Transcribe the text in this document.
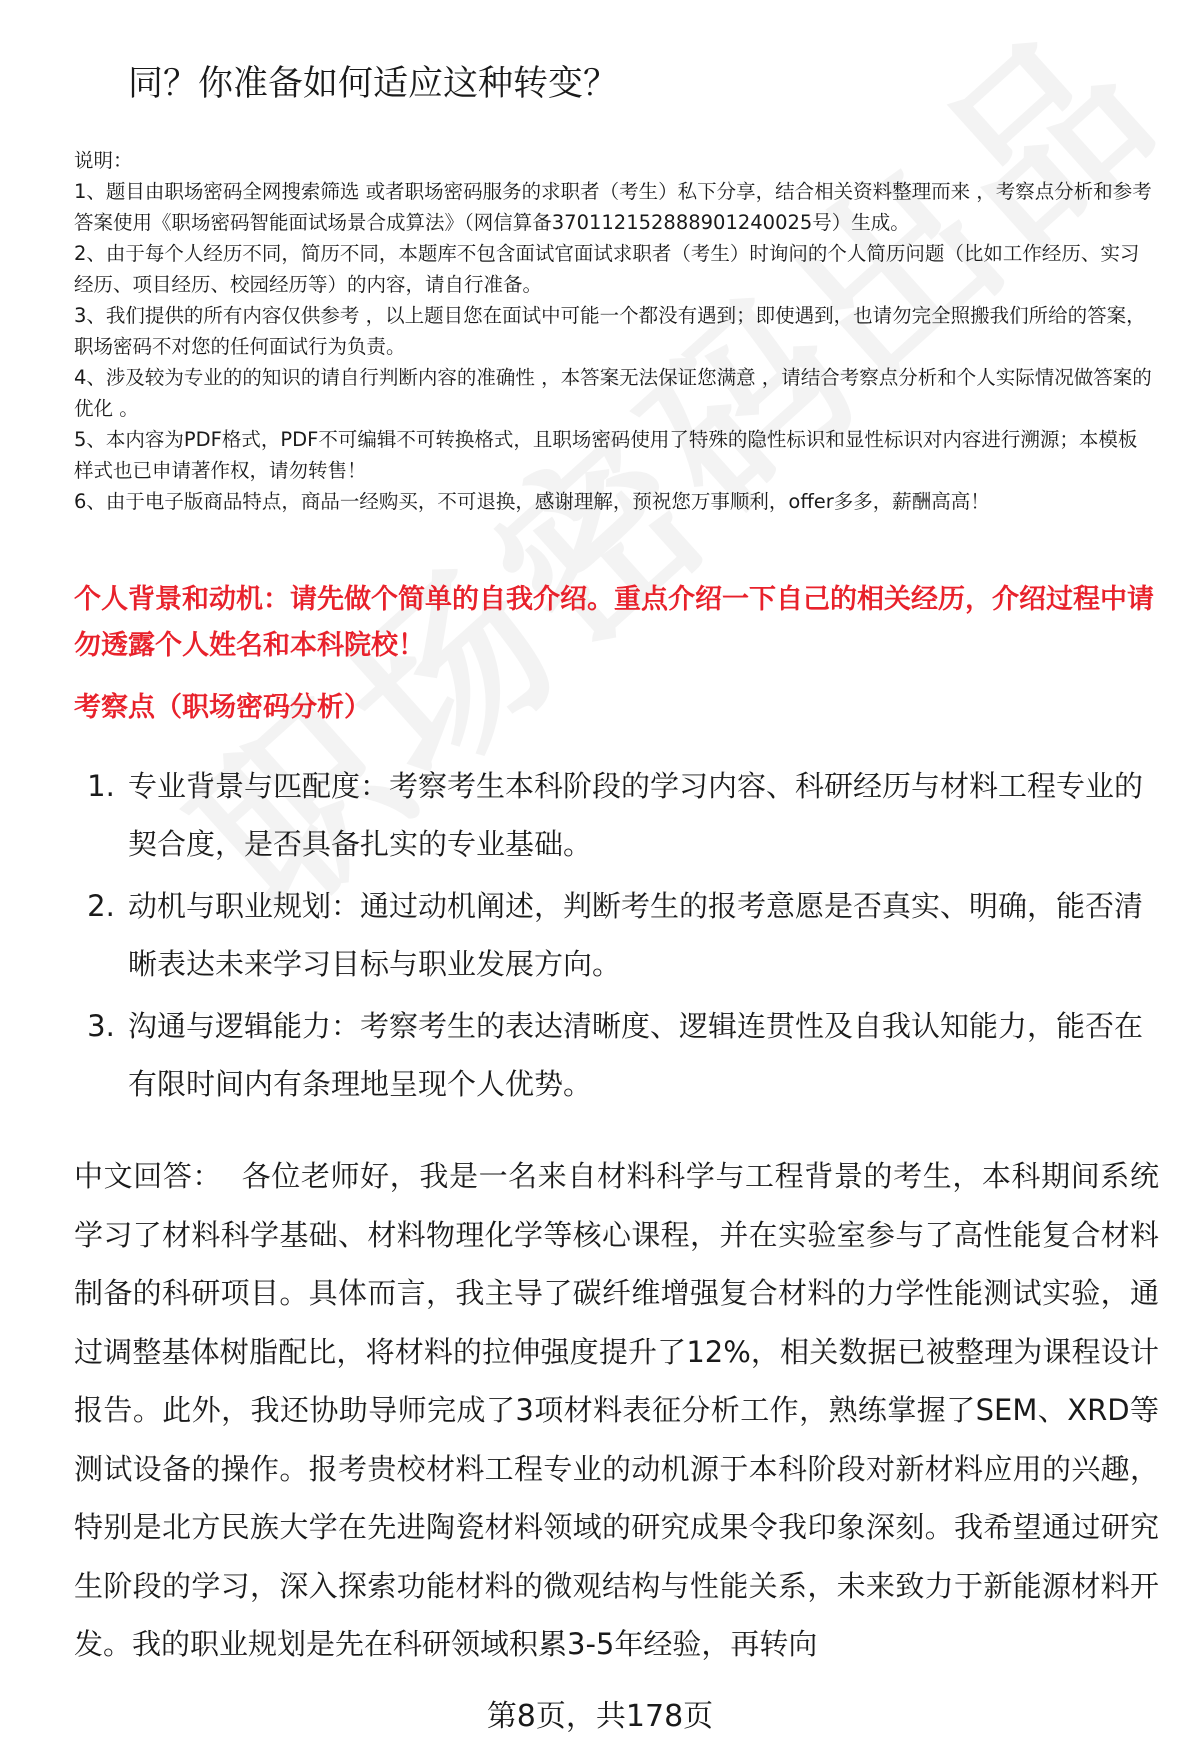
同？你准备如何适应这种转变？

说明：

1、题目由职场密码全网搜索筛选 或者职场密码服务的求职者（考生）私下分享，结合相关资料整理而来 ，考察点分析和参考答案使用《职场密码智能面试场景合成算法》（网信算备370112152888901240025号）生成。

2、由于每个人经历不同，简历不同，本题库不包含面试官面试求职者（考生）时询问的个人简历问题（比如工作经历、实习经历、项目经历、校园经历等）的内容，请自行准备。

3、我们提供的所有内容仅供参考 ，以上题目您在面试中可能一个都没有遇到；即使遇到，也请勿完全照搬我们所给的答案，职场密码不对您的任何面试行为负责。

4、涉及较为专业的的知识的请自行判断内容的准确性 ，本答案无法保证您满意 ，请结合考察点分析和个人实际情况做答案的优化 。

5、本内容为PDF格式，PDF不可编辑不可转换格式，且职场密码使用了特殊的隐性标识和显性标识对内容进行溯源；本模板样式也已申请著作权，请勿转售！

6、由于电子版商品特点，商品一经购买，不可退换，感谢理解，预祝您万事顺利，offer多多，薪酬高高！

个人背景和动机：请先做个简单的自我介绍。重点介绍一下自己的相关经历，介绍过程中请勿透露个人姓名和本科院校！
考察点（职场密码分析）
1. 专业背景与匹配度：考察考生本科阶段的学习内容、科研经历与材料工程专业的契合度，是否具备扎实的专业基础。
2. 动机与职业规划：通过动机阐述，判断考生的报考意愿是否真实、明确，能否清晰表达未来学习目标与职业发展方向。
3. 沟通与逻辑能力：考察考生的表达清晰度、逻辑连贯性及自我认知能力，能否在有限时间内有条理地呈现个人优势。

中文回答： 各位老师好，我是一名来自材料科学与工程背景的考生，本科期间系统学习了材料科学基础、材料物理化学等核心课程，并在实验室参与了高性能复合材料制备的科研项目。具体而言，我主导了碳纤维增强复合材料的力学性能测试实验，通过调整基体树脂配比，将材料的拉伸强度提升了12%，相关数据已被整理为课程设计报告。此外，我还协助导师完成了3项材料表征分析工作，熟练掌握了SEM、XRD等测试设备的操作。报考贵校材料工程专业的动机源于本科阶段对新材料应用的兴趣，特别是北方民族大学在先进陶瓷材料领域的研究成果令我印象深刻。我希望通过研究生阶段的学习，深入探索功能材料的微观结构与性能关系，未来致力于新能源材料开发。我的职业规划是先在科研领域积累3-5年经验，再转向

第8页，共178页
